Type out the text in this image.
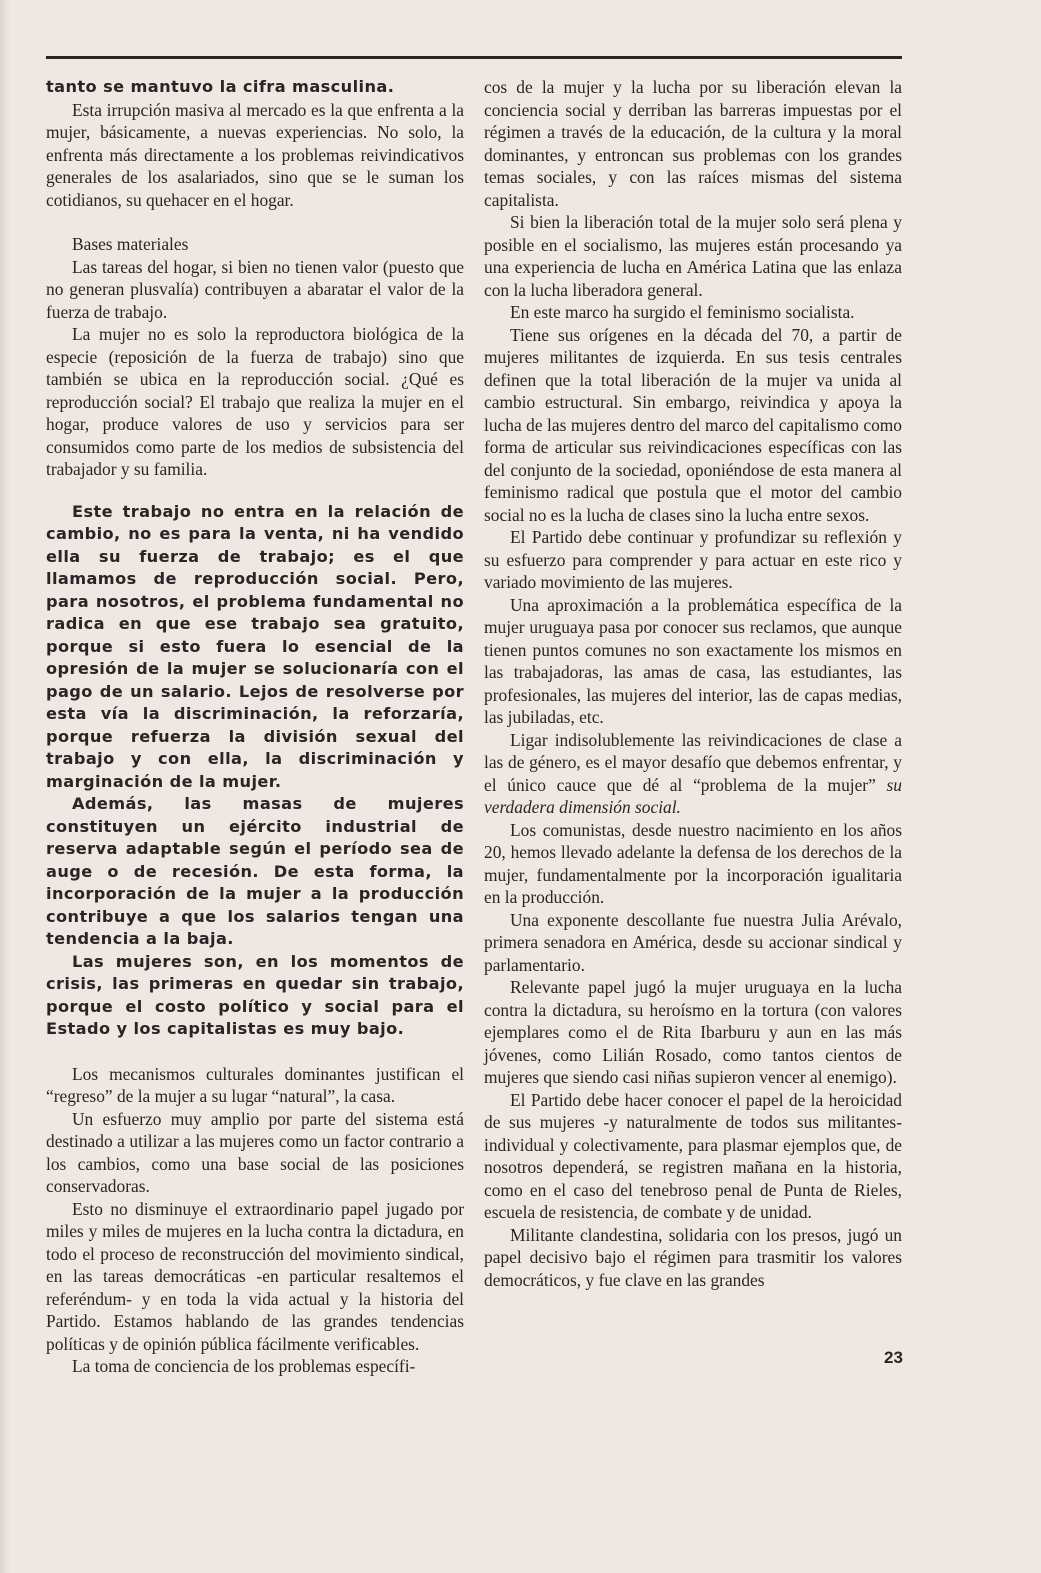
tanto se mantuvo la cifra masculina.

Esta irrupción masiva al mercado es la que enfrenta a la mujer, básicamente, a nuevas experiencias. No solo, la enfrenta más directamente a los problemas reivindicativos generales de los asalariados, sino que se le suman los cotidianos, su quehacer en el hogar.

Bases materiales

Las tareas del hogar, si bien no tienen valor (puesto que no generan plusvalía) contribuyen a abaratar el valor de la fuerza de trabajo.

La mujer no es solo la reproductora biológica de la especie (reposición de la fuerza de trabajo) sino que también se ubica en la reproducción social. ¿Qué es reproducción social? El trabajo que realiza la mujer en el hogar, produce valores de uso y servicios para ser consumidos como parte de los medios de subsistencia del trabajador y su familia.

Este trabajo no entra en la relación de cambio, no es para la venta, ni ha vendido ella su fuerza de trabajo; es el que llamamos de reproducción social. Pero, para nosotros, el problema fundamental no radica en que ese trabajo sea gratuito, porque si esto fuera lo esencial de la opresión de la mujer se solucionaría con el pago de un salario. Lejos de resolverse por esta vía la discriminación, la reforzaría, porque refuerza la división sexual del trabajo y con ella, la discriminación y marginación de la mujer.

Además, las masas de mujeres constituyen un ejército industrial de reserva adaptable según el período sea de auge o de recesión. De esta forma, la incorporación de la mujer a la producción contribuye a que los salarios tengan una tendencia a la baja.

Las mujeres son, en los momentos de crisis, las primeras en quedar sin trabajo, porque el costo político y social para el Estado y los capitalistas es muy bajo.

Los mecanismos culturales dominantes justifican el “regreso” de la mujer a su lugar “natural”, la casa.

Un esfuerzo muy amplio por parte del sistema está destinado a utilizar a las mujeres como un factor contrario a los cambios, como una base social de las posiciones conservadoras.

Esto no disminuye el extraordinario papel jugado por miles y miles de mujeres en la lucha contra la dictadura, en todo el proceso de reconstrucción del movimiento sindical, en las tareas democráticas -en particular resaltemos el referéndum- y en toda la vida actual y la historia del Partido. Estamos hablando de las grandes tendencias políticas y de opinión pública fácilmente verificables.

La toma de conciencia de los problemas específi-

cos de la mujer y la lucha por su liberación elevan la conciencia social y derriban las barreras impuestas por el régimen a través de la educación, de la cultura y la moral dominantes, y entroncan sus problemas con los grandes temas sociales, y con las raíces mismas del sistema capitalista.

Si bien la liberación total de la mujer solo será plena y posible en el socialismo, las mujeres están procesando ya una experiencia de lucha en América Latina que las enlaza con la lucha liberadora general.

En este marco ha surgido el feminismo socialista.

Tiene sus orígenes en la década del 70, a partir de mujeres militantes de izquierda. En sus tesis centrales definen que la total liberación de la mujer va unida al cambio estructural. Sin embargo, reivindica y apoya la lucha de las mujeres dentro del marco del capitalismo como forma de articular sus reivindicaciones específicas con las del conjunto de la sociedad, oponiéndose de esta manera al feminismo radical que postula que el motor del cambio social no es la lucha de clases sino la lucha entre sexos.

El Partido debe continuar y profundizar su reflexión y su esfuerzo para comprender y para actuar en este rico y variado movimiento de las mujeres.

Una aproximación a la problemática específica de la mujer uruguaya pasa por conocer sus reclamos, que aunque tienen puntos comunes no son exactamente los mismos en las trabajadoras, las amas de casa, las estudiantes, las profesionales, las mujeres del interior, las de capas medias, las jubiladas, etc.

Ligar indisolublemente las reivindicaciones de clase a las de género, es el mayor desafío que debemos enfrentar, y el único cauce que dé al “problema de la mujer” su verdadera dimensión social.

Los comunistas, desde nuestro nacimiento en los años 20, hemos llevado adelante la defensa de los derechos de la mujer, fundamentalmente por la incorporación igualitaria en la producción.

Una exponente descollante fue nuestra Julia Arévalo, primera senadora en América, desde su accionar sindical y parlamentario.

Relevante papel jugó la mujer uruguaya en la lucha contra la dictadura, su heroísmo en la tortura (con valores ejemplares como el de Rita Ibarburu y aun en las más jóvenes, como Lilián Rosado, como tantos cientos de mujeres que siendo casi niñas supieron vencer al enemigo).

El Partido debe hacer conocer el papel de la heroicidad de sus mujeres -y naturalmente de todos sus militantes- individual y colectivamente, para plasmar ejemplos que, de nosotros dependerá, se registren mañana en la historia, como en el caso del tenebroso penal de Punta de Rieles, escuela de resistencia, de combate y de unidad.

Militante clandestina, solidaria con los presos, jugó un papel decisivo bajo el régimen para trasmitir los valores democráticos, y fue clave en las grandes

23
